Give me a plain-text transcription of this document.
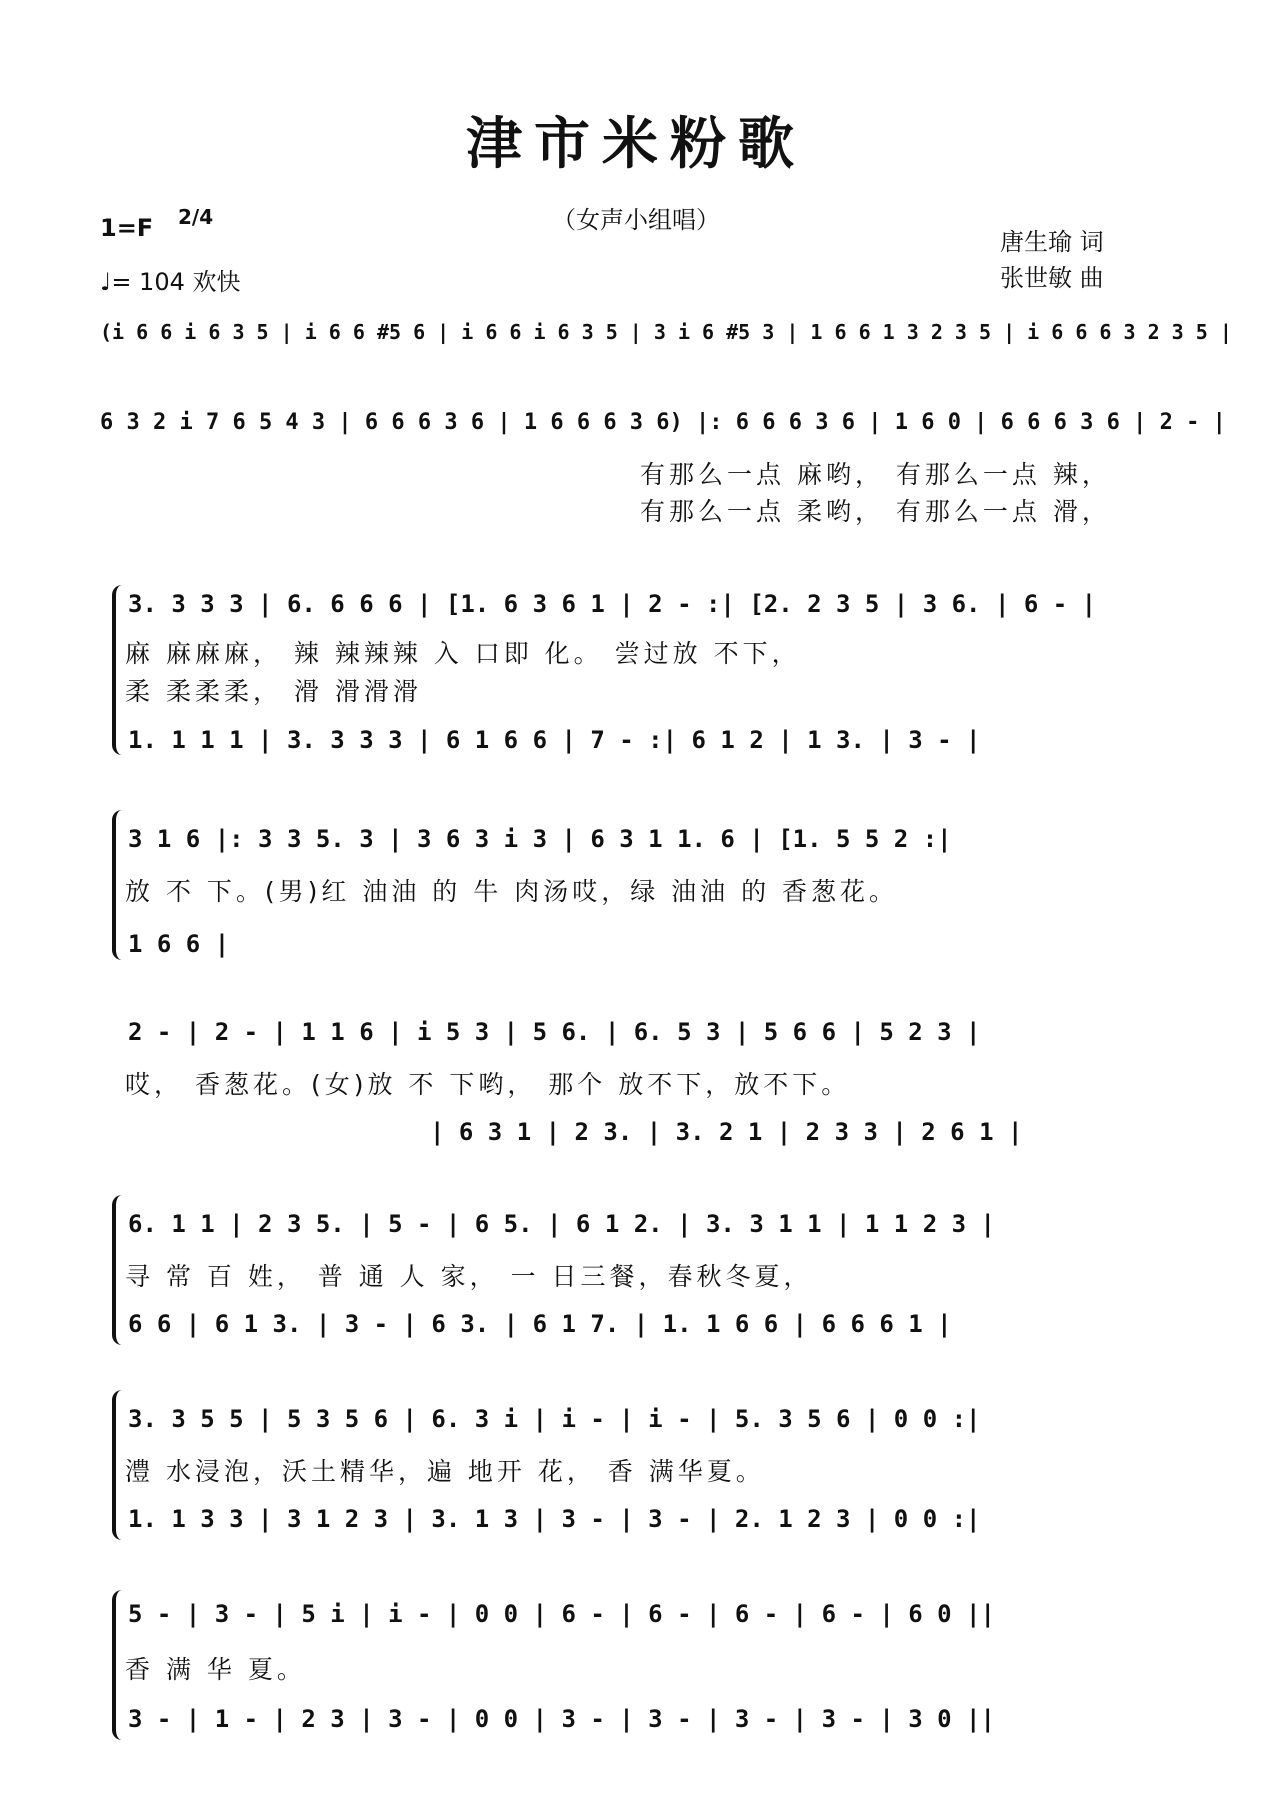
津市米粉歌
（女声小组唱）
1=F 2/4
♩= 104 欢快
唐生瑜 词
张世敏 曲
(i 6 6 i 6 3 5 | i 6 6 #5 6 | i 6 6 i 6 3 5 | 3 i 6 #5 3 | 1 6 6 1 3 2 3 5 | i 6 6 6 3 2 3 5 |
6 3 2 i 7 6 5 4 3 | 6 6 6 3 6 | 1 6 6 6 3 6) |: 6 6 6 3 6 | 1 6 0 | 6 6 6 3 6 | 2 - |
有那么一点 麻哟， 有那么一点 辣，
有那么一点 柔哟， 有那么一点 滑，
3. 3 3 3 | 6. 6 6 6 | [1. 6 3 6 1 | 2 - :| [2. 2 3 5 | 3 6. | 6 - |
麻 麻麻麻， 辣 辣辣辣 入 口即 化。 尝过放 不下，
柔 柔柔柔， 滑 滑滑滑
1. 1 1 1 | 3. 3 3 3 | 6 1 6 6 | 7 - :| 6 1 2 | 1 3. | 3 - |
3 1 6 |: 3 3 5. 3 | 3 6 3 i 3 | 6 3 1 1. 6 | [1. 5 5 2 :|
放 不 下。(男)红 油油 的 牛 肉汤哎，绿 油油 的 香葱花。
1 6 6 |
2 - | 2 - | 1 1 6 | i 5 3 | 5 6. | 6. 5 3 | 5 6 6 | 5 2 3 |
哎， 香葱花。(女)放 不 下哟， 那个 放不下，放不下。
| 6 3 1 | 2 3. | 3. 2 1 | 2 3 3 | 2 6 1 |
6. 1 1 | 2 3 5. | 5 - | 6 5. | 6 1 2. | 3. 3 1 1 | 1 1 2 3 |
寻 常 百 姓， 普 通 人 家， 一 日三餐，春秋冬夏，
6 6 | 6 1 3. | 3 - | 6 3. | 6 1 7. | 1. 1 6 6 | 6 6 6 1 |
3. 3 5 5 | 5 3 5 6 | 6. 3 i | i - | i - | 5. 3 5 6 | 0 0 :|
澧 水浸泡，沃土精华，遍 地开 花， 香 满华夏。
1. 1 3 3 | 3 1 2 3 | 3. 1 3 | 3 - | 3 - | 2. 1 2 3 | 0 0 :|
5 - | 3 - | 5 i | i - | 0 0 | 6 - | 6 - | 6 - | 6 - | 6 0 ||
香 满 华 夏。
3 - | 1 - | 2 3 | 3 - | 0 0 | 3 - | 3 - | 3 - | 3 - | 3 0 ||
